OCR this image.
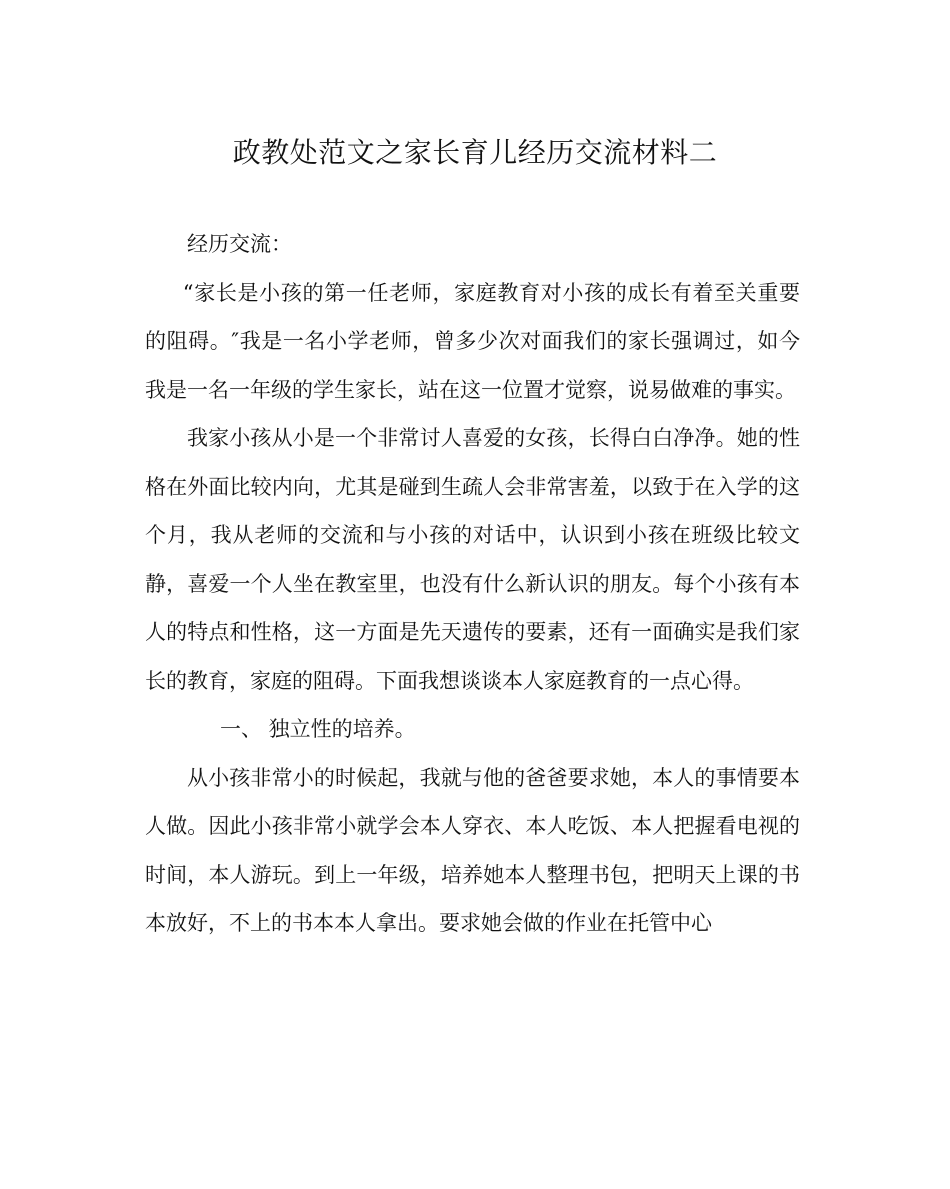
政教处范文之家长育儿经历交流材料二

经历交流：

“家长是小孩的第一任老师，家庭教育对小孩的成长有着至关重要的阻碍。″我是一名小学老师，曾多少次对面我们的家长强调过，如今我是一名一年级的学生家长，站在这一位置才觉察，说易做难的事实。

我家小孩从小是一个非常讨人喜爱的女孩，长得白白净净。她的性格在外面比较内向，尤其是碰到生疏人会非常害羞，以致于在入学的这个月，我从老师的交流和与小孩的对话中，认识到小孩在班级比较文静，喜爱一个人坐在教室里，也没有什么新认识的朋友。每个小孩有本人的特点和性格，这一方面是先天遗传的要素，还有一面确实是我们家长的教育，家庭的阻碍。下面我想谈谈本人家庭教育的一点心得。

一、 独立性的培养。

从小孩非常小的时候起，我就与他的爸爸要求她，本人的事情要本人做。因此小孩非常小就学会本人穿衣、本人吃饭、本人把握看电视的时间，本人游玩。到上一年级，培养她本人整理书包，把明天上课的书本放好，不上的书本本人拿出。要求她会做的作业在托管中心
